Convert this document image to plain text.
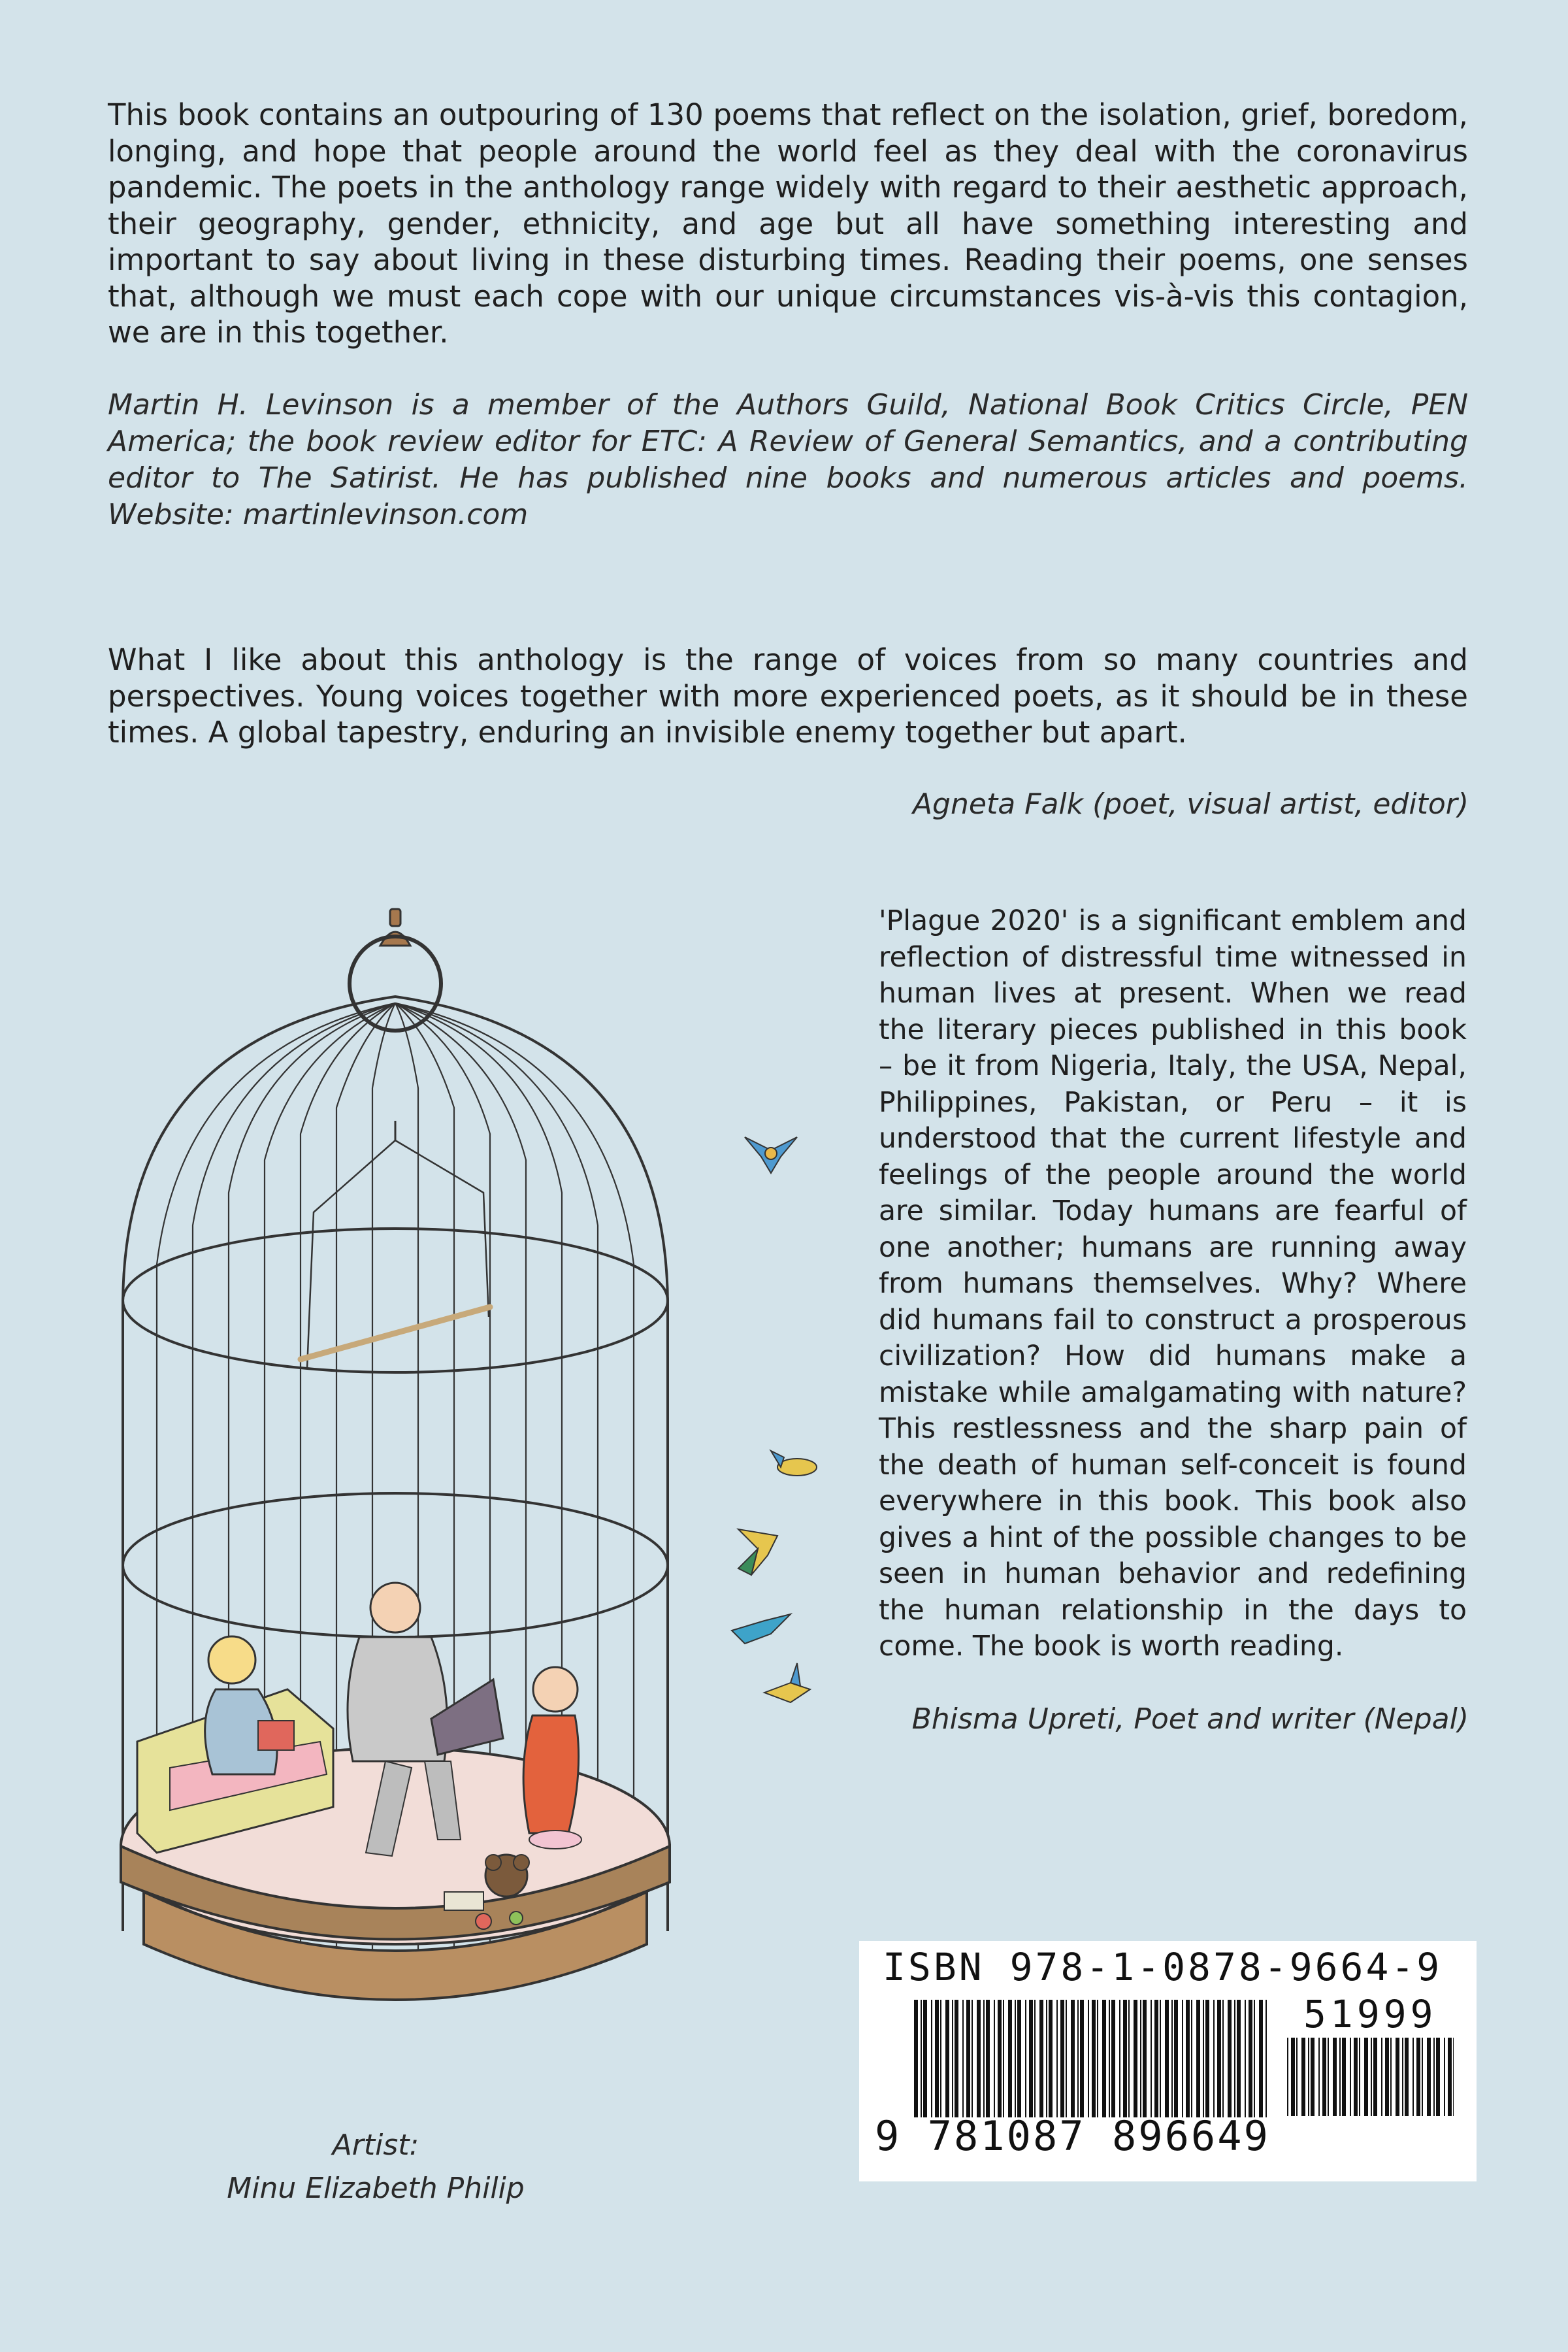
This book contains an outpouring of 130 poems that reflect on the isolation, grief, boredom, longing, and hope that people around the world feel as they deal with the coronavirus pandemic. The poets in the anthology range widely with regard to their aesthetic approach, their geography, gender, ethnicity, and age but all have something interesting and important to say about living in these disturbing times. Reading their poems, one senses that, although we must each cope with our unique circumstances vis-à-vis this contagion, we are in this together.

Martin H. Levinson is a member of the Authors Guild, National Book Critics Circle, PEN America; the book review editor for ETC: A Review of General Semantics, and a contributing editor to The Satirist. He has published nine books and numerous articles and poems. Website: martinlevinson.com

What I like about this anthology is the range of voices from so many countries and perspectives. Young voices together with more experienced poets, as it should be in these times. A global tapestry, enduring an invisible enemy together but apart.

Agneta Falk (poet, visual artist, editor)

'Plague 2020' is a significant emblem and reflection of distressful time witnessed in human lives at present. When we read the literary pieces published in this book – be it from Nigeria, Italy, the USA, Nepal, Philippines, Pakistan, or Peru – it is understood that the current lifestyle and feelings of the people around the world are similar. Today humans are fearful of one another; humans are running away from humans themselves. Why? Where did humans fail to construct a prosperous civilization? How did humans make a mistake while amalgamating with nature? This restlessness and the sharp pain of the death of human self-conceit is found everywhere in this book. This book also gives a hint of the possible changes to be seen in human behavior and redefining the human relationship in the days to come. The book is worth reading.

Bhisma Upreti, Poet and writer (Nepal)

Artist:
Minu Elizabeth Philip

ISBN 978-1-0878-9664-9

51999

9 781087 896649
